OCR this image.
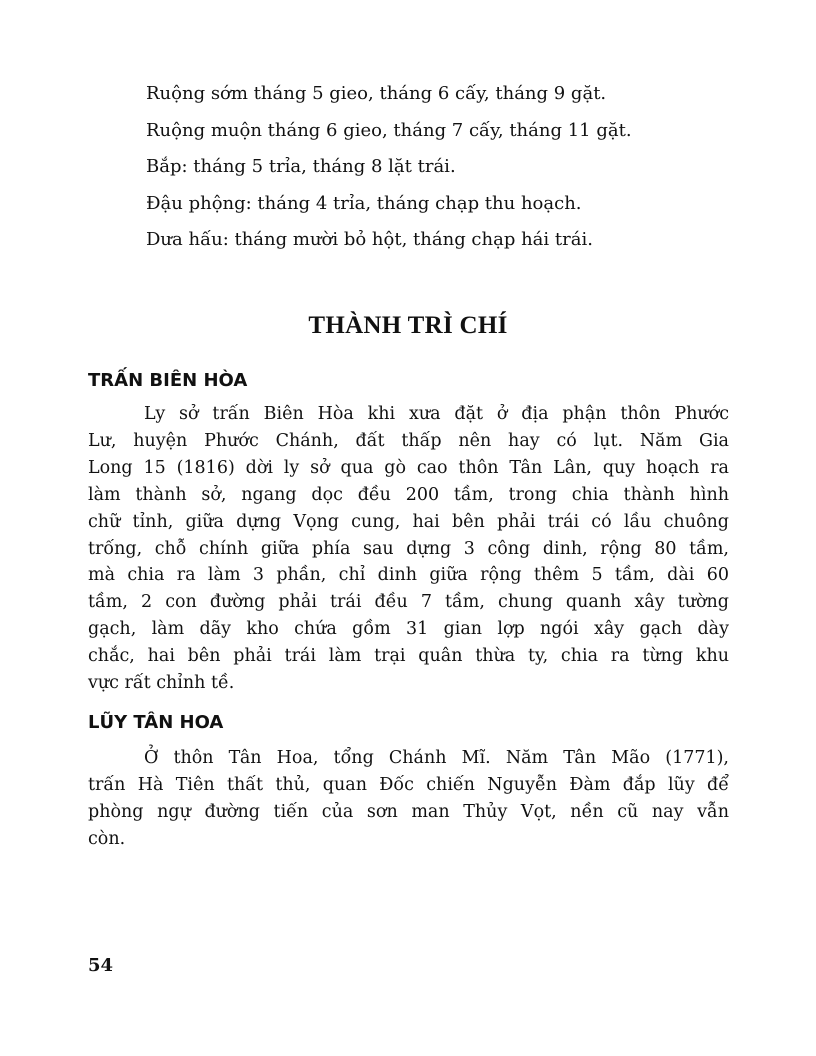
Ruộng sớm tháng 5 gieo, tháng 6 cấy, tháng 9 gặt.
Ruộng muộn tháng 6 gieo, tháng 7 cấy, tháng 11 gặt.
Bắp: tháng 5 trỉa, tháng 8 lặt trái.
Đậu phộng: tháng 4 trỉa, tháng chạp thu hoạch.
Dưa hấu: tháng mười bỏ hột, tháng chạp hái trái.
THÀNH TRÌ CHÍ
TRẤN BIÊN HÒA

Ly sở trấn Biên Hòa khi xưa đặt ở địa phận thôn Phước
Lư, huyện Phước Chánh, đất thấp nên hay có lụt. Năm Gia
Long 15 (1816) dời ly sở qua gò cao thôn Tân Lân, quy hoạch ra
làm thành sở, ngang dọc đều 200 tầm, trong chia thành hình
chữ tỉnh, giữa dựng Vọng cung, hai bên phải trái có lầu chuông
trống, chỗ chính giữa phía sau dựng 3 công dinh, rộng 80 tầm,
mà chia ra làm 3 phần, chỉ dinh giữa rộng thêm 5 tầm, dài 60
tầm, 2 con đường phải trái đều 7 tầm, chung quanh xây tường
gạch, làm dãy kho chứa gồm 31 gian lợp ngói xây gạch dày
chắc, hai bên phải trái làm trại quân thừa ty, chia ra từng khu
vực rất chỉnh tề.

LŨY TÂN HOA

Ở thôn Tân Hoa, tổng Chánh Mĩ. Năm Tân Mão (1771),
trấn Hà Tiên thất thủ, quan Đốc chiến Nguyễn Đàm đắp lũy để
phòng ngự đường tiến của sơn man Thủy Vọt, nền cũ nay vẫn
còn.

54
